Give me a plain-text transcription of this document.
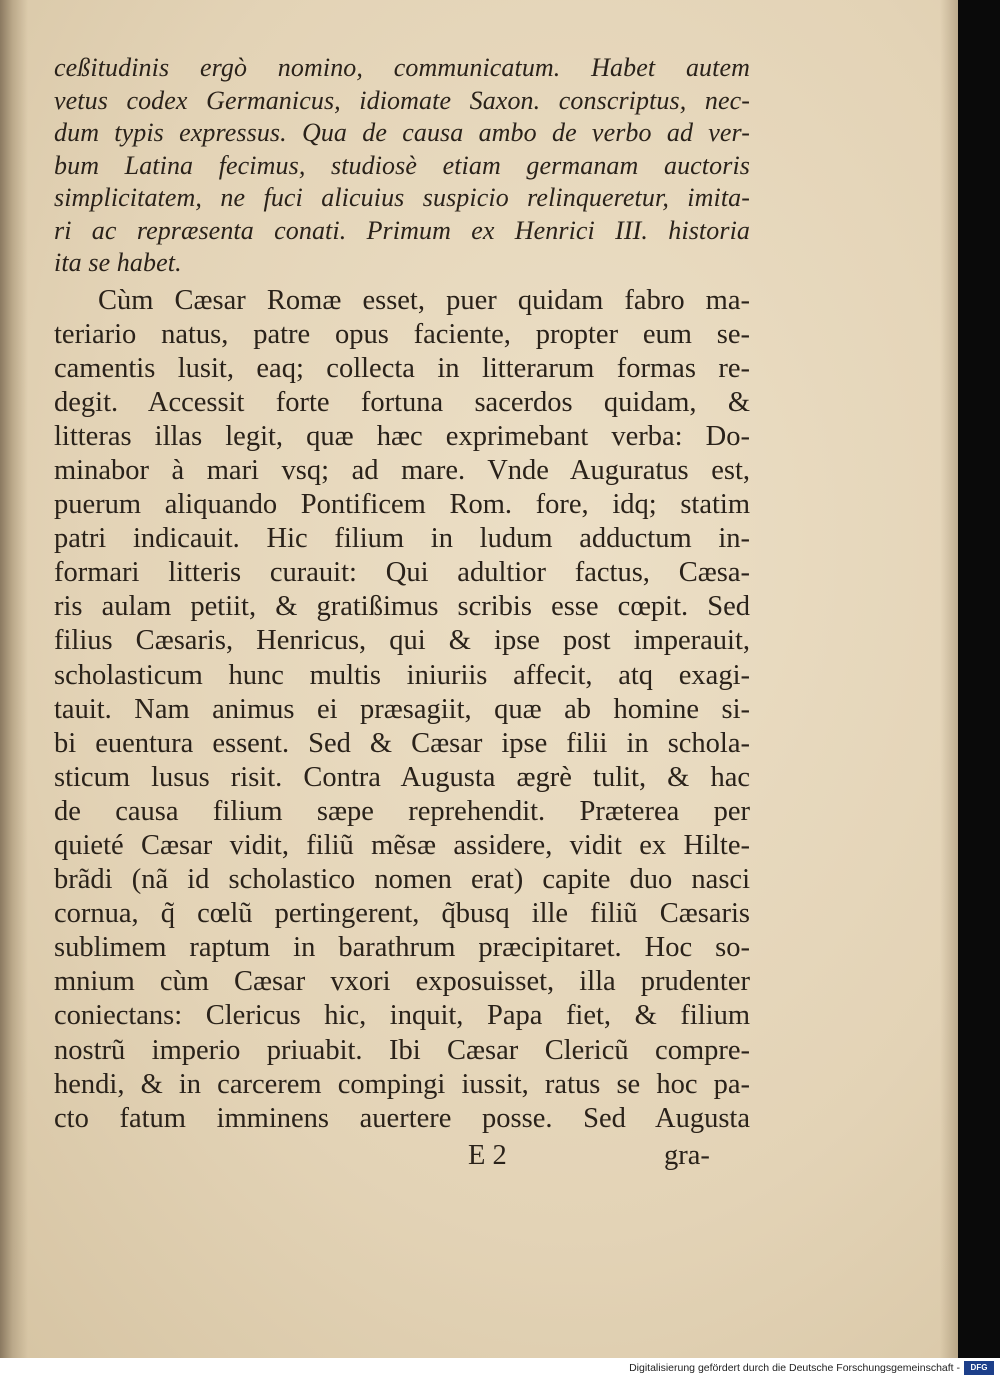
ceßitudinis ergò nomino, communicatum. Habet autem
vetus codex Germanicus, idiomate Saxon. conscriptus, nec-
dum typis expressus. Qua de causa ambo de verbo ad ver-
bum Latina fecimus, studiosè etiam germanam auctoris
simplicitatem, ne fuci alicuius suspicio relinqueretur, imita-
ri ac repræsenta conati. Primum ex Henrici III. historia
ita se habet.
Cùm Cæsar Romæ esset, puer quidam fabro ma-
teriario natus, patre opus faciente, propter eum se-
camentis lusit, eaq; collecta in litterarum formas re-
degit. Accessit forte fortuna sacerdos quidam, &
litteras illas legit, quæ hæc exprimebant verba: Do-
minabor à mari vsq; ad mare. Vnde Auguratus est,
puerum aliquando Pontificem Rom. fore, idq; statim
patri indicauit. Hic filium in ludum adductum in-
formari litteris curauit: Qui adultior factus, Cæsa-
ris aulam petiit, & gratißimus scribis esse cœpit. Sed
filius Cæsaris, Henricus, qui & ipse post imperauit,
scholasticum hunc multis iniuriis affecit, atq exagi-
tauit. Nam animus ei præsagiit, quæ ab homine si-
bi euentura essent. Sed & Cæsar ipse filii in schola-
sticum lusus risit. Contra Augusta ægrè tulit, & hac
de causa filium sæpe reprehendit. Præterea per
quieté Cæsar vidit, filiũ mẽsæ assidere, vidit ex Hilte-
brãdi (nã id scholastico nomen erat) capite duo nasci
cornua, q̃ cœlũ pertingerent, q̃busq ille filiũ Cæsaris
sublimem raptum in barathrum præcipitaret. Hoc so-
mnium cùm Cæsar vxori exposuisset, illa prudenter
coniectans: Clericus hic, inquit, Papa fiet, & filium
nostrũ imperio priuabit. Ibi Cæsar Clericũ compre-
hendi, & in carcerem compingi iussit, ratus se hoc pa-
cto fatum imminens auertere posse. Sed Augusta
E 2	gra-
Digitalisierung gefördert durch die Deutsche Forschungsgemeinschaft -	DFG
